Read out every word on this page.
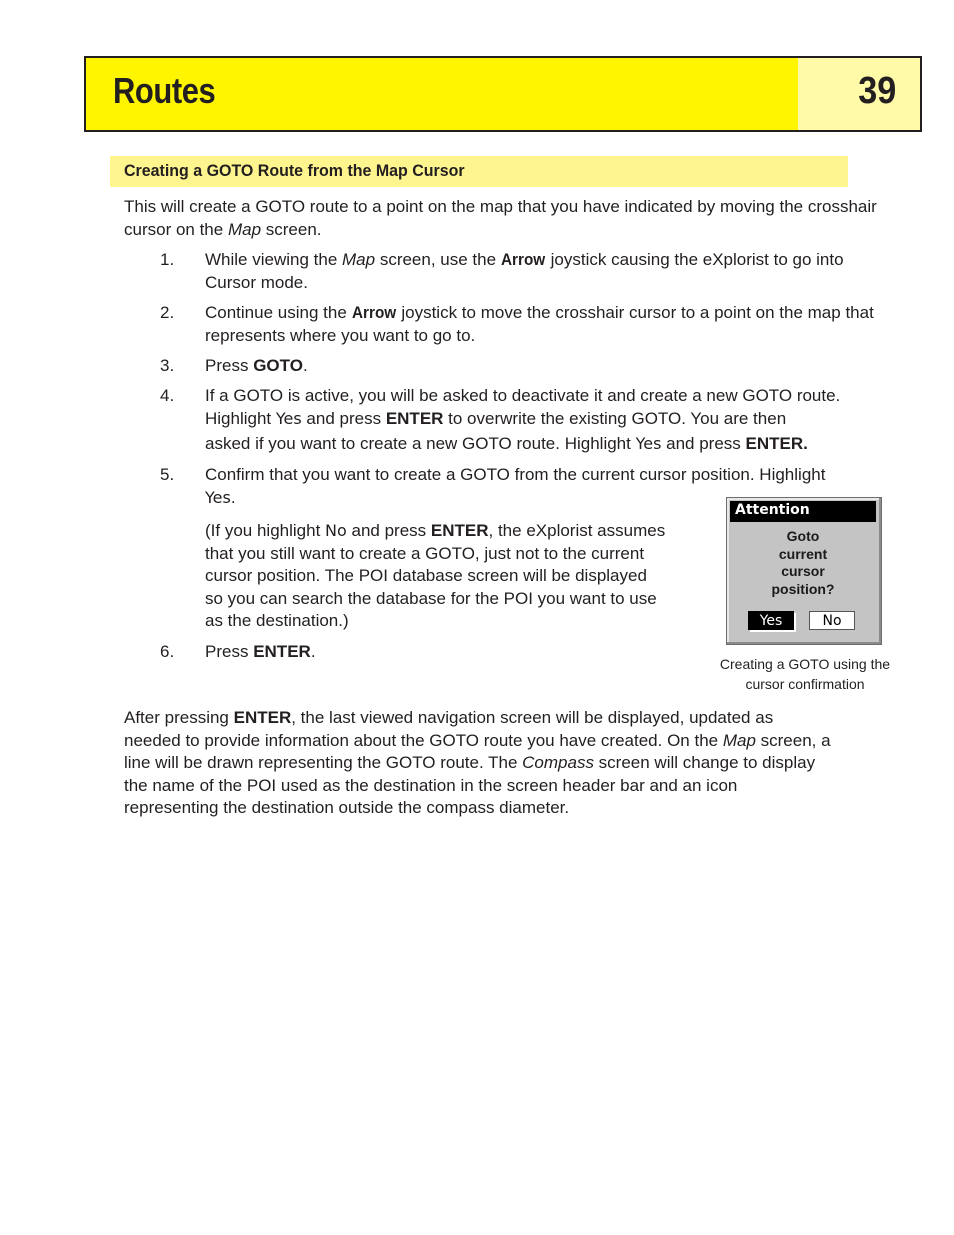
Routes	39
Creating a GOTO Route from the Map Cursor

This will create a GOTO route to a point on the map that you have indicated by moving the crosshair cursor on the Map screen.

1. While viewing the Map screen, use the Arrow joystick causing the eXplorist to go into Cursor mode.

2. Continue using the Arrow joystick to move the crosshair cursor to a point on the map that represents where you want to go to.

3. Press GOTO.

4. If a GOTO is active, you will be asked to deactivate it and create a new GOTO route.
Highlight Yes and press ENTER to overwrite the existing GOTO. You are then
asked if you want to create a new GOTO route. Highlight Yes and press ENTER.
5. Confirm that you want to create a GOTO from the current cursor position. Highlight
Yes.
(If you highlight No and press ENTER, the eXplorist assumes
that you still want to create a GOTO, just not to the current
cursor position. The POI database screen will be displayed
so you can search the database for the POI you want to use
as the destination.)
6. Press ENTER.

Attention
Goto
current
cursor
position?
Yes	No
Creating a GOTO using the
cursor confirmation
After pressing ENTER, the last viewed navigation screen will be displayed, updated as
needed to provide information about the GOTO route you have created. On the Map screen, a
line will be drawn representing the GOTO route. The Compass screen will change to display
the name of the POI used as the destination in the screen header bar and an icon
representing the destination outside the compass diameter.
